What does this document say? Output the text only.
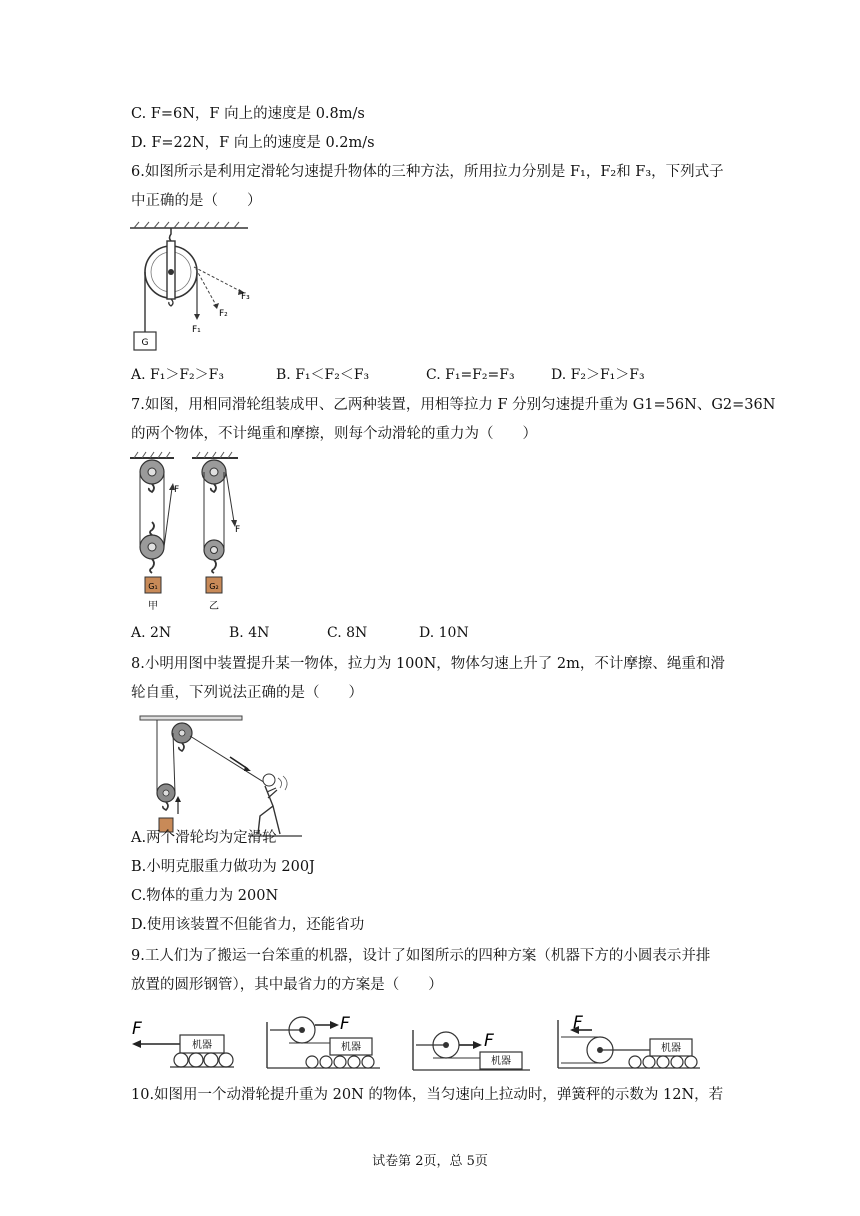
C. F=6N，F 向上的速度是 0.8m/s
D. F=22N，F 向上的速度是 0.2m/s
6.如图所示是利用定滑轮匀速提升物体的三种方法，所用拉力分别是 F₁，F₂和 F₃，下列式子
中正确的是（　　）
G
F₁
F₂
F₃
A. F₁＞F₂＞F₃	B. F₁＜F₂＜F₃	C. F₁=F₂=F₃	D. F₂＞F₁＞F₃
7.如图，用相同滑轮组装成甲、乙两种装置，用相等拉力 F 分别匀速提升重为 G1=56N、G2=36N
的两个物体，不计绳重和摩擦，则每个动滑轮的重力为（　　）
F
G₁
甲
F
G₂
乙
A. 2N	B. 4N	C. 8N	D. 10N
8.小明用图中装置提升某一物体，拉力为 100N，物体匀速上升了 2m，不计摩擦、绳重和滑
轮自重，下列说法正确的是（　　）
A.两个滑轮均为定滑轮
B.小明克服重力做功为 200J
C.物体的重力为 200N
D.使用该装置不但能省力，还能省功
9.工人们为了搬运一台笨重的机器，设计了如图所示的四种方案（机器下方的小圆表示并排
放置的圆形钢管），其中最省力的方案是（　　）
F
机器
F
机器	F
机器
F
机器
10.如图用一个动滑轮提升重为 20N 的物体，当匀速向上拉动时，弹簧秤的示数为 12N，若
试卷第 2页，总 5页
